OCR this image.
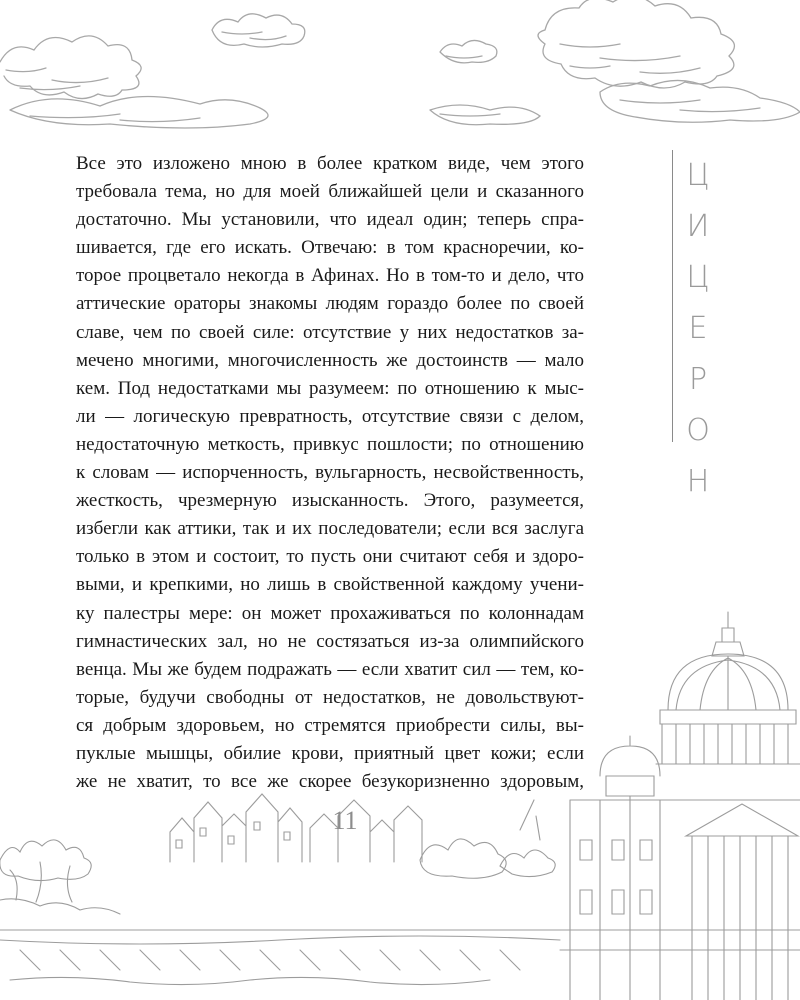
Все это изложено мною в более кратком виде, чем этого
требовала тема, но для моей ближайшей цели и сказанного
достаточно. Мы установили, что идеал один; теперь спра-
шивается, где его искать. Отвечаю: в том красноречии, ко-
торое процветало некогда в Афинах. Но в том-то и дело, что
аттические ораторы знакомы людям гораздо более по своей
славе, чем по своей силе: отсутствие у них недостатков за-
мечено многими, многочисленность же достоинств — мало
кем. Под недостатками мы разумеем: по отношению к мыс-
ли — логическую превратность, отсутствие связи с делом,
недостаточную меткость, привкус пошлости; по отношению
к словам — испорченность, вульгарность, несвойственность,
жесткость, чрезмерную изысканность. Этого, разумеется,
избегли как аттики, так и их последователи; если вся заслуга
только в этом и состоит, то пусть они считают себя и здоро-
выми, и крепкими, но лишь в свойственной каждому учени-
ку палестры мере: он может прохаживаться по колоннадам
гимнастических зал, но не состязаться из-за олимпийского
венца. Мы же будем подражать — если хватит сил — тем, ко-
торые, будучи свободны от недостатков, не довольствуют-
ся добрым здоровьем, но стремятся приобрести силы, вы-
пуклые мышцы, обилие крови, приятный цвет кожи; если
же не хватит, то все же скорее безукоризненно здоровым,
Ц
И
Ц
Е
Р
О
Н
11
